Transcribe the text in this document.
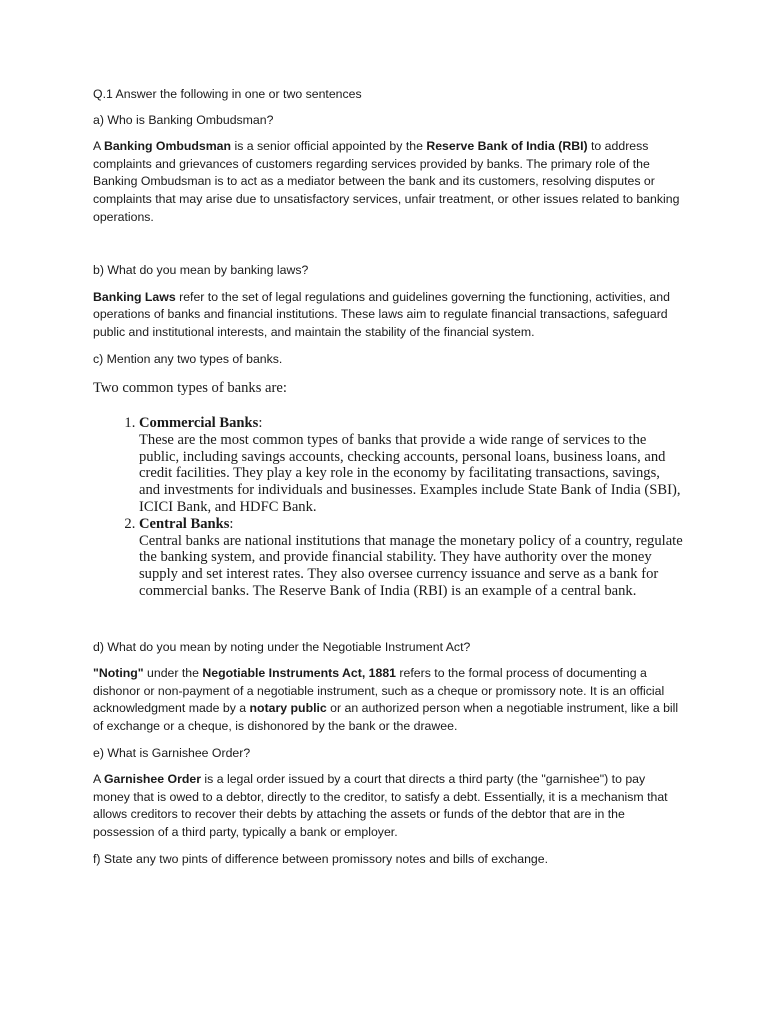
Q.1 Answer the following in one or two sentences

a) Who is Banking Ombudsman?

A Banking Ombudsman is a senior official appointed by the Reserve Bank of India (RBI) to address complaints and grievances of customers regarding services provided by banks. The primary role of the Banking Ombudsman is to act as a mediator between the bank and its customers, resolving disputes or complaints that may arise due to unsatisfactory services, unfair treatment, or other issues related to banking operations.

b) What do you mean by banking laws?

Banking Laws refer to the set of legal regulations and guidelines governing the functioning, activities, and operations of banks and financial institutions. These laws aim to regulate financial transactions, safeguard public and institutional interests, and maintain the stability of the financial system.

c) Mention any two types of banks.

Two common types of banks are:

1. Commercial Banks:
These are the most common types of banks that provide a wide range of services to the public, including savings accounts, checking accounts, personal loans, business loans, and credit facilities. They play a key role in the economy by facilitating transactions, savings, and investments for individuals and businesses. Examples include State Bank of India (SBI), ICICI Bank, and HDFC Bank.
2. Central Banks:
Central banks are national institutions that manage the monetary policy of a country, regulate the banking system, and provide financial stability. They have authority over the money supply and set interest rates. They also oversee currency issuance and serve as a bank for commercial banks. The Reserve Bank of India (RBI) is an example of a central bank.

d) What do you mean by noting under the Negotiable Instrument Act?

"Noting" under the Negotiable Instruments Act, 1881 refers to the formal process of documenting a dishonor or non-payment of a negotiable instrument, such as a cheque or promissory note. It is an official acknowledgment made by a notary public or an authorized person when a negotiable instrument, like a bill of exchange or a cheque, is dishonored by the bank or the drawee.

e) What is Garnishee Order?

A Garnishee Order is a legal order issued by a court that directs a third party (the "garnishee") to pay money that is owed to a debtor, directly to the creditor, to satisfy a debt. Essentially, it is a mechanism that allows creditors to recover their debts by attaching the assets or funds of the debtor that are in the possession of a third party, typically a bank or employer.

f) State any two pints of difference between promissory notes and bills of exchange.
